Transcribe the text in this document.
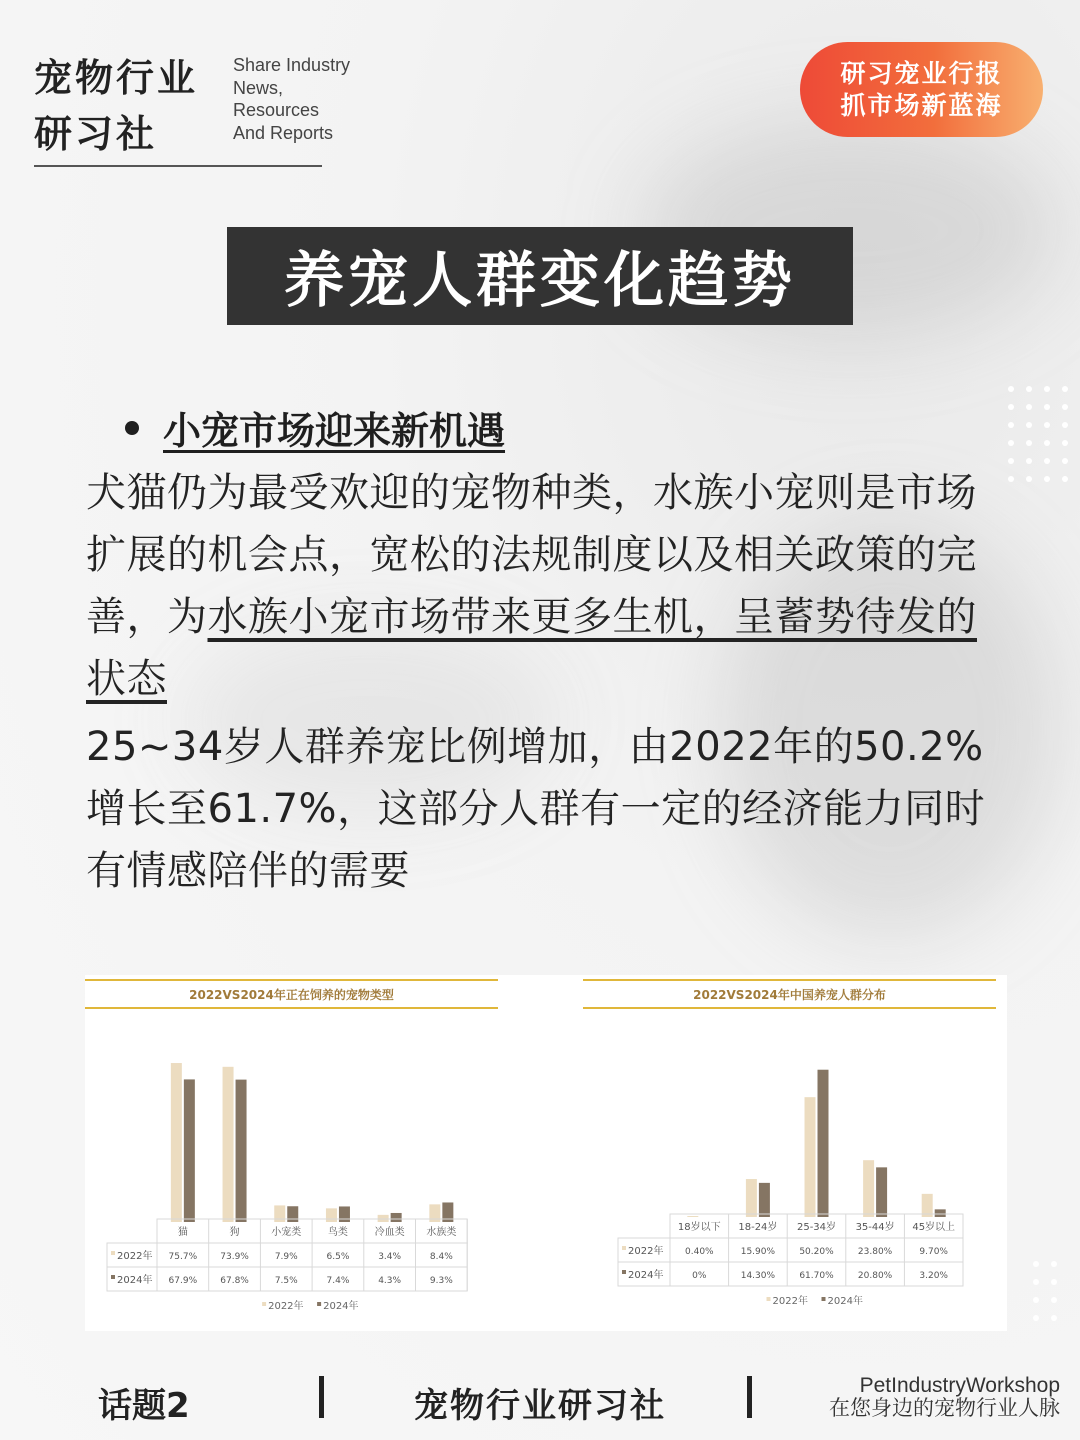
宠物行业
研习社
Share Industry
News,
Resources
And Reports
研习宠业行报
抓市场新蓝海
养宠人群变化趋势
小宠市场迎来新机遇
犬猫仍为最受欢迎的宠物种类，水族小宠则是市场扩展的机会点，宽松的法规制度以及相关政策的完善，为水族小宠市场带来更多生机，呈蓄势待发的状态
25~34岁人群养宠比例增加，由2022年的50.2%增长至61.7%，这部分人群有一定的经济能力同时有情感陪伴的需要
2022VS2024年正在饲养的宠物类型
猫
75.7%
67.9%
狗
73.9%
67.8%
小宠类
7.9%
7.5%
鸟类
6.5%
7.4%
冷血类
3.4%
4.3%
水族类
8.4%
9.3%
2022年
2024年
2022年 2024年
2022VS2024年中国养宠人群分布
18岁以下
0.40%
0%
18-24岁
15.90%
14.30%
25-34岁
50.20%
61.70%
35-44岁
23.80%
20.80%
45岁以上
9.70%
3.20%
2022年
2024年
2022年 2024年
话题2	宠物行业研习社
PetIndustryWorkshop
在您身边的宠物行业人脉
